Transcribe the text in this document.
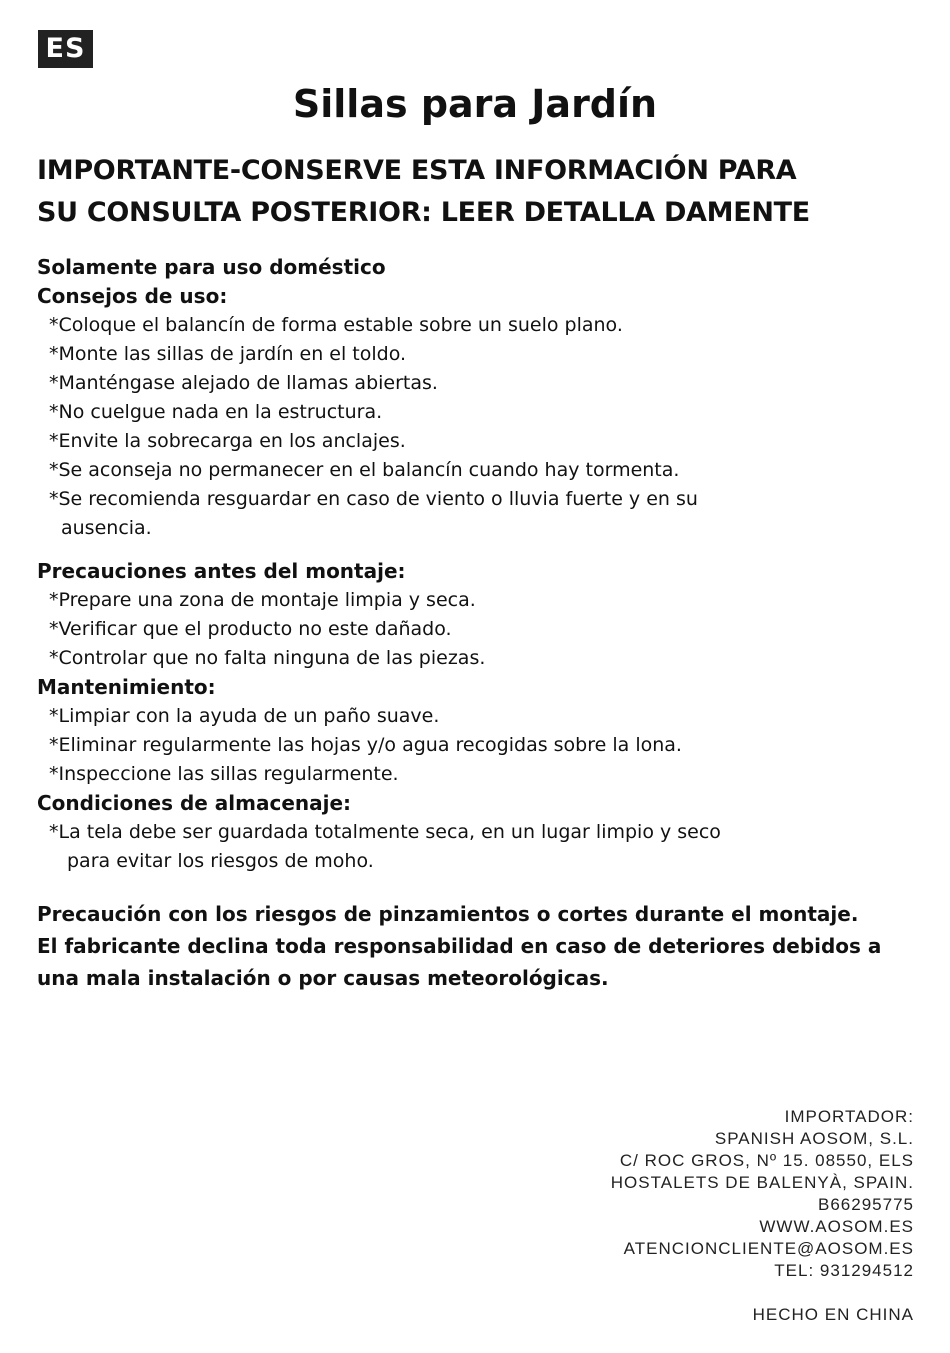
ES
Sillas para Jardín
IMPORTANTE-CONSERVE ESTA INFORMACIÓN PARA
SU CONSULTA POSTERIOR: LEER DETALLA DAMENTE

Solamente para uso doméstico

Consejos de uso:

*Coloque el balancín de forma estable sobre un suelo plano.

*Monte las sillas de jardín en el toldo.

*Manténgase alejado de llamas abiertas.

*No cuelgue nada en la estructura.

*Envite la sobrecarga en los anclajes.

*Se aconseja no permanecer en el balancín cuando hay tormenta.

*Se recomienda resguardar en caso de viento o lluvia fuerte y en su

ausencia.

Precauciones antes del montaje:

*Prepare una zona de montaje limpia y seca.

*Verificar que el producto no este dañado.

*Controlar que no falta ninguna de las piezas.

Mantenimiento:

*Limpiar con la ayuda de un paño suave.

*Eliminar regularmente las hojas y/o agua recogidas sobre la lona.

*Inspeccione las sillas regularmente.

Condiciones de almacenaje:

*La tela debe ser guardada totalmente seca, en un lugar limpio y seco

para evitar los riesgos de moho.

Precaución con los riesgos de pinzamientos o cortes durante el montaje.
El fabricante declina toda responsabilidad en caso de deteriores debidos a
una mala instalación o por causas meteorológicas.
IMPORTADOR:
SPANISH AOSOM, S.L.
C/ ROC GROS, Nº 15. 08550, ELS
HOSTALETS DE BALENYÀ, SPAIN.
B66295775
WWW.AOSOM.ES
ATENCIONCLIENTE@AOSOM.ES
TEL: 931294512
HECHO EN CHINA
